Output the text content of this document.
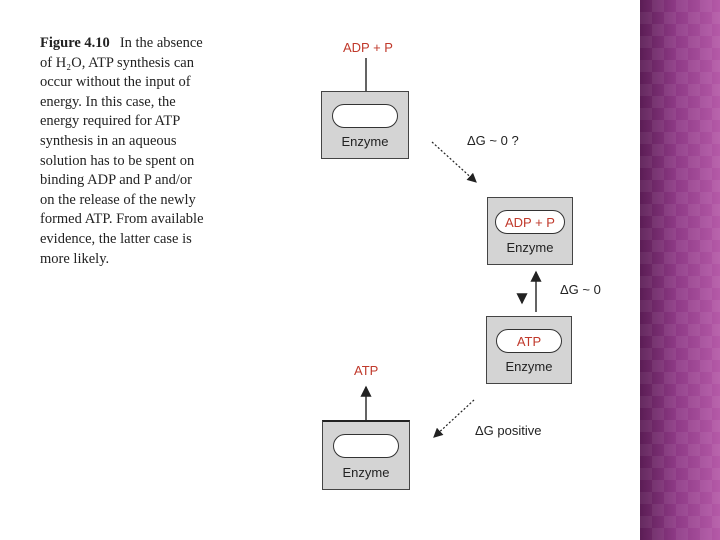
Figure 4.10 In the absence of H₂O, ATP synthesis can occur without the input of energy. In this case, the energy required for ATP synthesis in an aqueous solution has to be spent on binding ADP and P and/or on the release of the newly formed ATP. From available evidence, the latter case is more likely.
ADP + P
Enzyme	ΔG ~ 0 ?
ADP + P
Enzyme
ΔG ~ 0
ATP
Enzyme
ATP
ΔG positive
Enzyme
